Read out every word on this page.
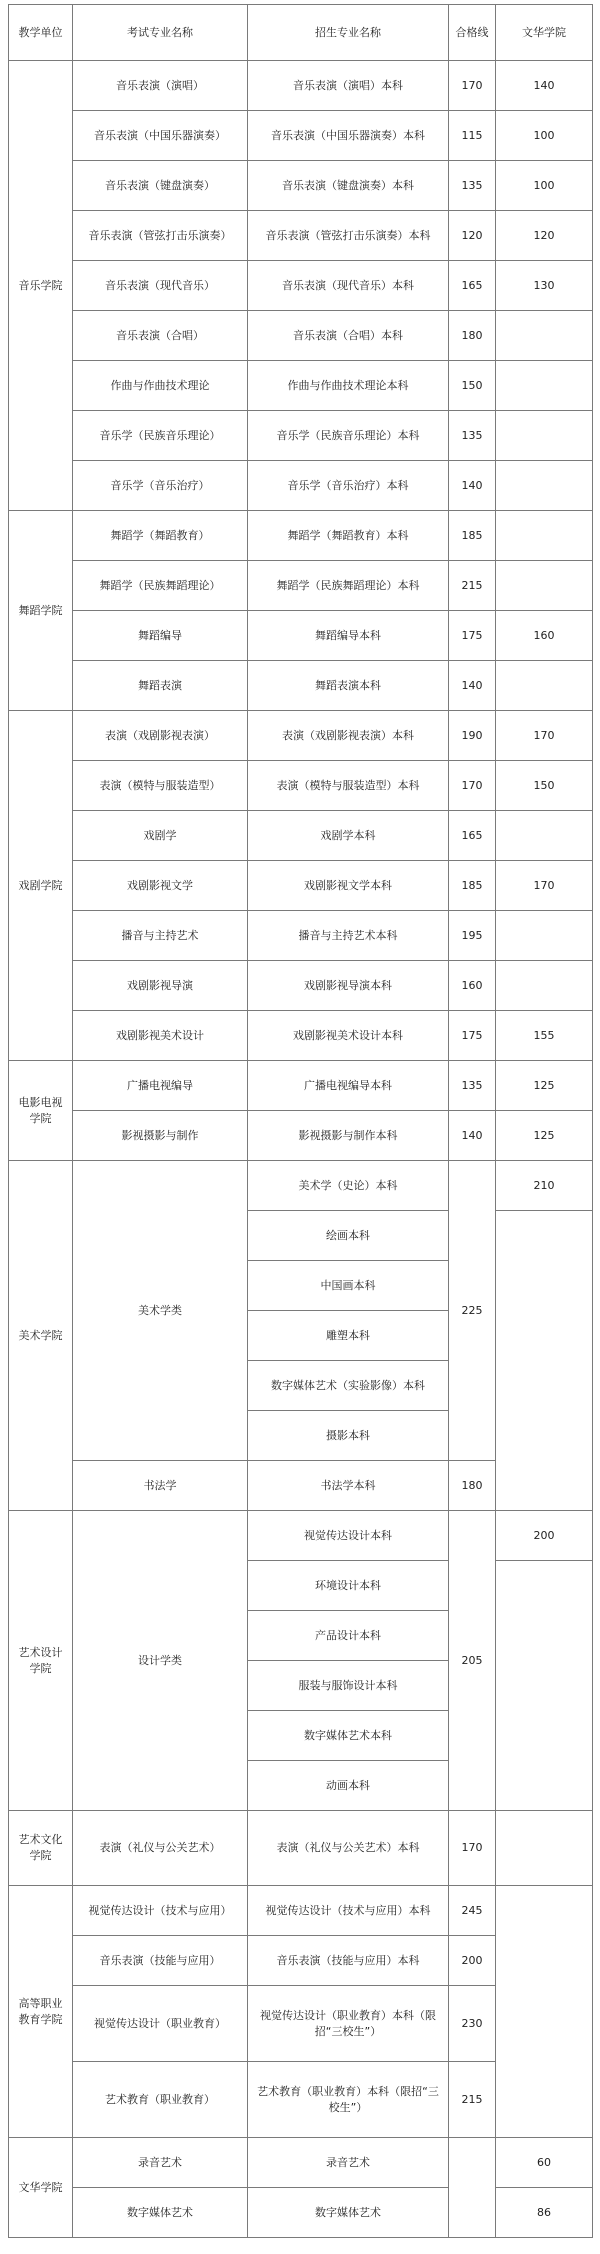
教学单位	考试专业名称	招生专业名称	合格线	文华学院
音乐学院	音乐表演（演唱）	音乐表演（演唱）本科	170	140
	音乐表演（中国乐器演奏）	音乐表演（中国乐器演奏）本科	115	100
	音乐表演（键盘演奏）	音乐表演（键盘演奏）本科	135	100
	音乐表演（管弦打击乐演奏）	音乐表演（管弦打击乐演奏）本科	120	120
	音乐表演（现代音乐）	音乐表演（现代音乐）本科	165	130
	音乐表演（合唱）	音乐表演（合唱）本科	180	
	作曲与作曲技术理论	作曲与作曲技术理论本科	150	
	音乐学（民族音乐理论）	音乐学（民族音乐理论）本科	135	
	音乐学（音乐治疗）	音乐学（音乐治疗）本科	140	
舞蹈学院	舞蹈学（舞蹈教育）	舞蹈学（舞蹈教育）本科	185	
	舞蹈学（民族舞蹈理论）	舞蹈学（民族舞蹈理论）本科	215	
	舞蹈编导	舞蹈编导本科	175	160
	舞蹈表演	舞蹈表演本科	140	
戏剧学院	表演（戏剧影视表演）	表演（戏剧影视表演）本科	190	170
	表演（模特与服装造型）	表演（模特与服装造型）本科	170	150
	戏剧学	戏剧学本科	165	
	戏剧影视文学	戏剧影视文学本科	185	170
	播音与主持艺术	播音与主持艺术本科	195	
	戏剧影视导演	戏剧影视导演本科	160	
	戏剧影视美术设计	戏剧影视美术设计本科	175	155
电影电视学院	广播电视编导	广播电视编导本科	135	125
	影视摄影与制作	影视摄影与制作本科	140	125
美术学院	美术学类	美术学（史论）本科	225	210
		绘画本科		
		中国画本科		
		雕塑本科		
		数字媒体艺术（实验影像）本科		
		摄影本科		
	书法学	书法学本科	180	
艺术设计学院	设计学类	视觉传达设计本科	205	200
		环境设计本科		
		产品设计本科		
		服装与服饰设计本科		
		数字媒体艺术本科		
		动画本科		
艺术文化学院	表演（礼仪与公关艺术）	表演（礼仪与公关艺术）本科	170	
高等职业教育学院	视觉传达设计（技术与应用）	视觉传达设计（技术与应用）本科	245	
	音乐表演（技能与应用）	音乐表演（技能与应用）本科	200	
	视觉传达设计（职业教育）	视觉传达设计（职业教育）本科（限招“三校生”）	230	
	艺术教育（职业教育）	艺术教育（职业教育）本科（限招“三校生”）	215	
文华学院	录音艺术	录音艺术		60
	数字媒体艺术	数字媒体艺术		86
